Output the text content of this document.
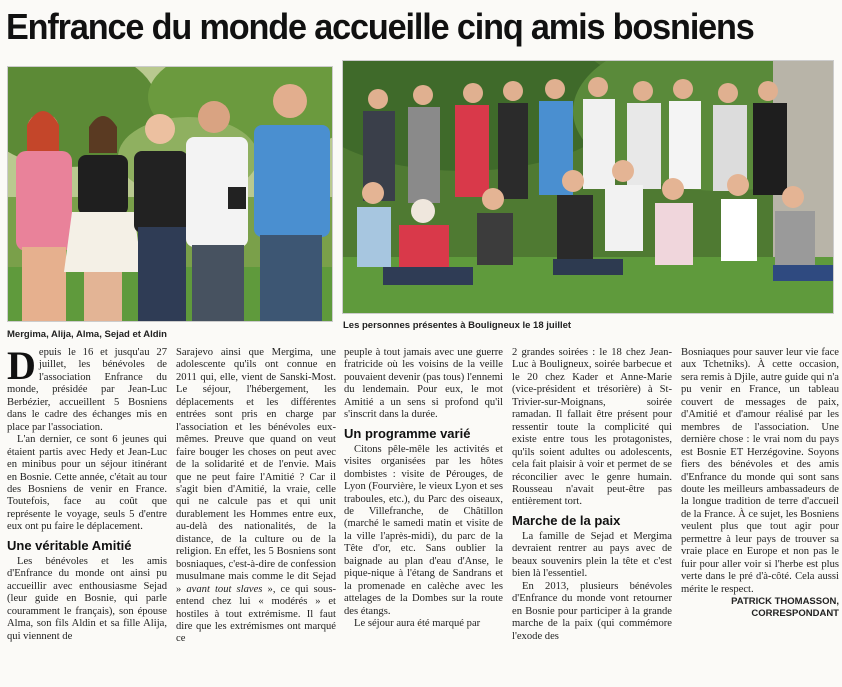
Enfrance du monde accueille cinq amis bosniens
Mergima, Alija, Alma, Sejad et Aldin
Les personnes présentes à Bouligneux le 18 juillet

Depuis le 16 et jusqu'au 27 juillet, les bénévoles de l'association Enfrance du monde, présidée par Jean-Luc Berbézier, accueillent 5 Bosniens dans le cadre des échanges mis en place par l'association.

L'an dernier, ce sont 6 jeunes qui étaient partis avec Hedy et Jean-Luc en minibus pour un séjour itinérant en Bosnie. Cette année, c'était au tour des Bosniens de venir en France. Toutefois, face au coût que représente le voyage, seuls 5 d'entre eux ont pu faire le déplacement.

Une véritable Amitié

Les bénévoles et les amis d'Enfrance du monde ont ainsi pu accueillir avec enthousiasme Sejad (leur guide en Bosnie, qui parle couramment le français), son épouse Alma, son fils Aldin et sa fille Alija, qui viennent de

Sarajevo ainsi que Mergima, une adolescente qu'ils ont connue en 2011 qui, elle, vient de Sanski-Most. Le séjour, l'hébergement, les déplacements et les différentes entrées sont pris en charge par l'association et les bénévoles eux-mêmes. Preuve que quand on veut faire bouger les choses on peut avec de la solidarité et de l'envie. Mais que ne peut faire l'Amitié ? Car il s'agit bien d'Amitié, la vraie, celle qui ne calcule pas et qui unit durablement les Hommes entre eux, au-delà des nationalités, de la distance, de la culture ou de la religion. En effet, les 5 Bosniens sont bosniaques, c'est-à-dire de confession musulmane mais comme le dit Sejad » avant tout slaves », ce qui sous-entend chez lui « modérés » et hostiles à tout extrémisme. Il faut dire que les extrémismes ont marqué ce

peuple à tout jamais avec une guerre fratricide où les voisins de la veille pouvaient devenir (pas tous) l'ennemi du lendemain. Pour eux, le mot Amitié a un sens si profond qu'il s'inscrit dans la durée.

Un programme varié

Citons pêle-mêle les activités et visites organisées par les hôtes dombistes : visite de Pérouges, de Lyon (Fourvière, le vieux Lyon et ses traboules, etc.), du Parc des oiseaux, de Villefranche, de Châtillon (marché le samedi matin et visite de la ville l'après-midi), du parc de la Tête d'or, etc. Sans oublier la baignade au plan d'eau d'Anse, le pique-nique à l'étang de Sandrans et la promenade en calèche avec les attelages de la Dombes sur la route des étangs.

Le séjour aura été marqué par

2 grandes soirées : le 18 chez Jean-Luc à Bouligneux, soirée barbecue et le 20 chez Kader et Anne-Marie (vice-président et trésorière) à St-Trivier-sur-Moignans, soirée ramadan. Il fallait être présent pour ressentir toute la complicité qui existe entre tous les protagonistes, qu'ils soient adultes ou adolescents, cela fait plaisir à voir et permet de se réconcilier avec le genre humain. Rousseau n'avait peut-être pas entièrement tort.

Marche de la paix

La famille de Sejad et Mergima devraient rentrer au pays avec de beaux souvenirs plein la tête et c'est bien là l'essentiel.

En 2013, plusieurs bénévoles d'Enfrance du monde vont retourner en Bosnie pour participer à la grande marche de la paix (qui commémore l'exode des

Bosniaques pour sauver leur vie face aux Tchetniks). À cette occasion, sera remis à Djile, autre guide qui n'a pu venir en France, un tableau couvert de messages de paix, d'Amitié et d'amour réalisé par les membres de l'association. Une dernière chose : le vrai nom du pays est Bosnie ET Herzégovine. Soyons fiers des bénévoles et des amis d'Enfrance du monde qui sont sans doute les meilleurs ambassadeurs de la longue tradition de terre d'accueil de la France. À ce sujet, les Bosniens veulent plus que tout agir pour permettre à leur pays de trouver sa vraie place en Europe et non pas le fuir pour aller voir si l'herbe est plus verte dans le pré d'à-côté. Cela aussi mérite le respect.

PATRICK THOMASSON,
CORRESPONDANT
